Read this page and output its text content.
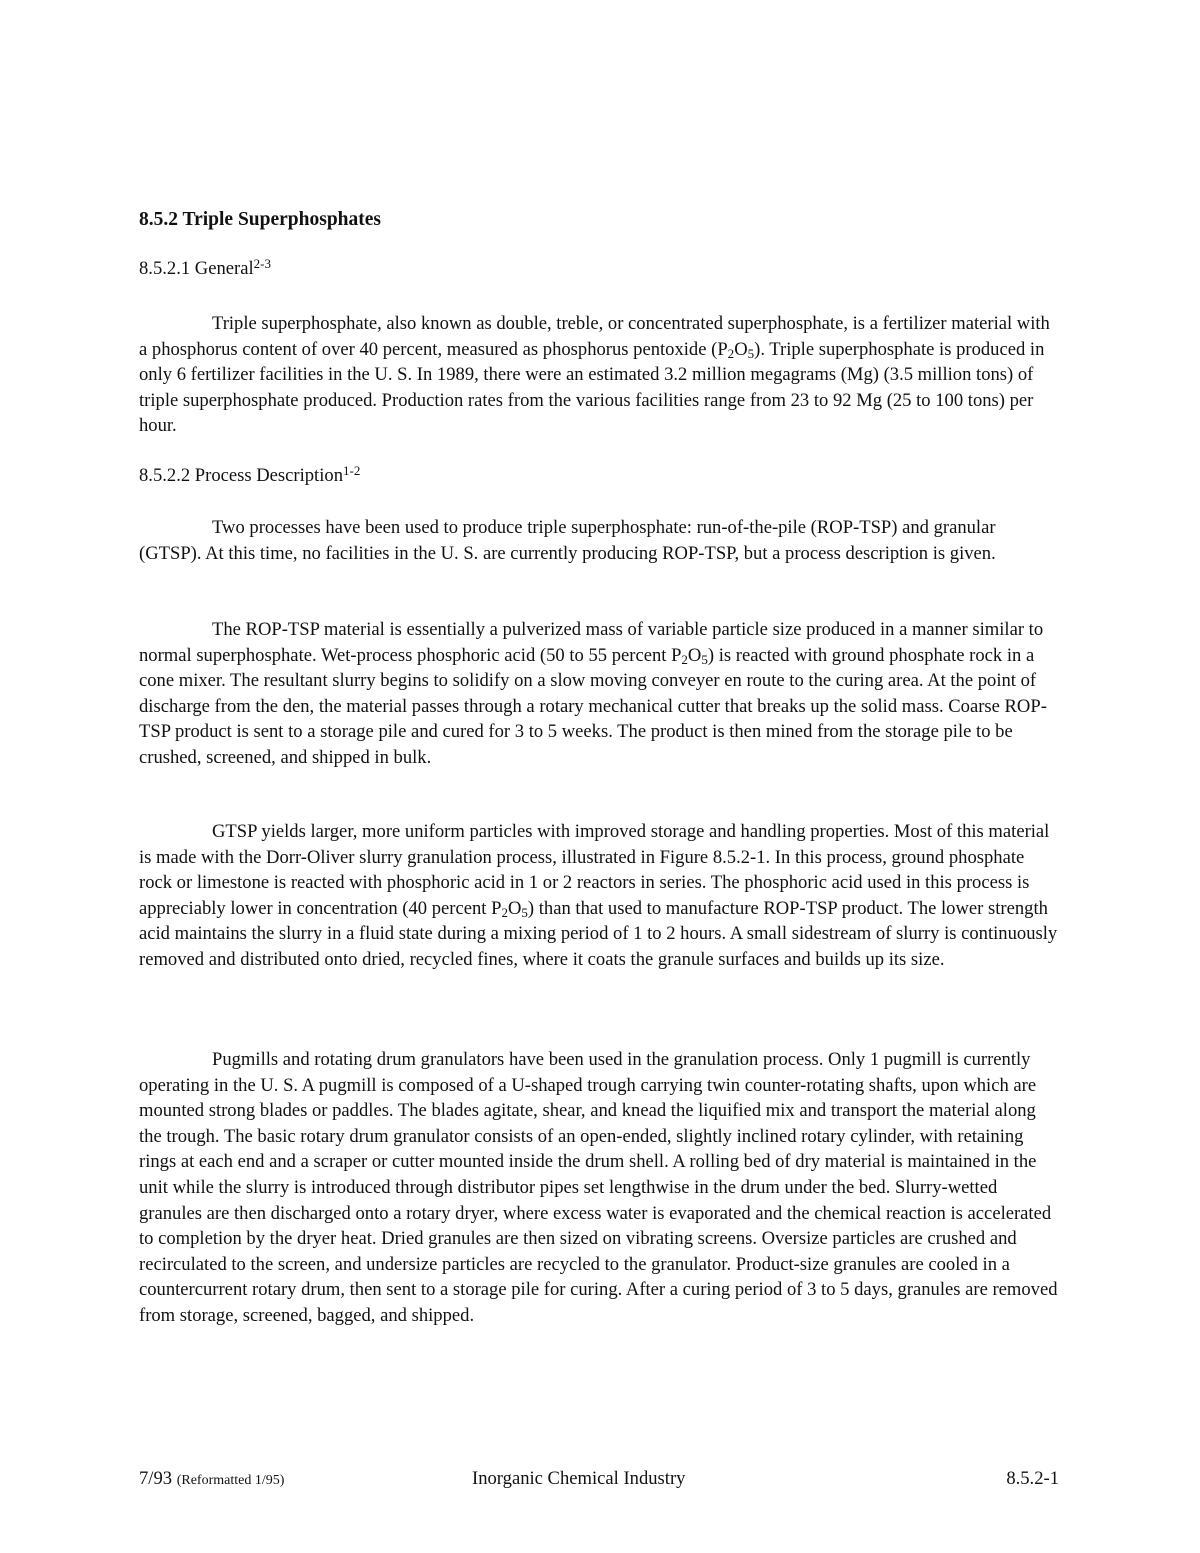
8.5.2 Triple Superphosphates
8.5.2.1 General$^{2-3}$

Triple superphosphate, also known as double, treble, or concentrated superphosphate, is a fertilizer material with a phosphorus content of over 40 percent, measured as phosphorus pentoxide $(P_2O_5)$. Triple superphosphate is produced in only 6 fertilizer facilities in the U. S. In 1989, there were an estimated 3.2 million megagrams (Mg) (3.5 million tons) of triple superphosphate produced. Production rates from the various facilities range from 23 to 92 Mg (25 to 100 tons) per hour.

8.5.2.2 Process Description$^{1-2}$

Two processes have been used to produce triple superphosphate: run-of-the-pile (ROP-TSP) and granular (GTSP). At this time, no facilities in the U. S. are currently producing ROP-TSP, but a process description is given.

The ROP-TSP material is essentially a pulverized mass of variable particle size produced in a manner similar to normal superphosphate. Wet-process phosphoric acid (50 to 55 percent $P_2O_5$) is reacted with ground phosphate rock in a cone mixer. The resultant slurry begins to solidify on a slow moving conveyer en route to the curing area. At the point of discharge from the den, the material passes through a rotary mechanical cutter that breaks up the solid mass. Coarse ROP-TSP product is sent to a storage pile and cured for 3 to 5 weeks. The product is then mined from the storage pile to be crushed, screened, and shipped in bulk.

GTSP yields larger, more uniform particles with improved storage and handling properties. Most of this material is made with the Dorr-Oliver slurry granulation process, illustrated in Figure 8.5.2-1. In this process, ground phosphate rock or limestone is reacted with phosphoric acid in 1 or 2 reactors in series. The phosphoric acid used in this process is appreciably lower in concentration (40 percent $P_2O_5$) than that used to manufacture ROP-TSP product. The lower strength acid maintains the slurry in a fluid state during a mixing period of 1 to 2 hours. A small sidestream of slurry is continuously removed and distributed onto dried, recycled fines, where it coats the granule surfaces and builds up its size.

Pugmills and rotating drum granulators have been used in the granulation process. Only 1 pugmill is currently operating in the U. S. A pugmill is composed of a U-shaped trough carrying twin counter-rotating shafts, upon which are mounted strong blades or paddles. The blades agitate, shear, and knead the liquified mix and transport the material along the trough. The basic rotary drum granulator consists of an open-ended, slightly inclined rotary cylinder, with retaining rings at each end and a scraper or cutter mounted inside the drum shell. A rolling bed of dry material is maintained in the unit while the slurry is introduced through distributor pipes set lengthwise in the drum under the bed. Slurry-wetted granules are then discharged onto a rotary dryer, where excess water is evaporated and the chemical reaction is accelerated to completion by the dryer heat. Dried granules are then sized on vibrating screens. Oversize particles are crushed and recirculated to the screen, and undersize particles are recycled to the granulator. Product-size granules are cooled in a countercurrent rotary drum, then sent to a storage pile for curing. After a curing period of 3 to 5 days, granules are removed from storage, screened, bagged, and shipped.

7/93 (Reformatted 1/95)	Inorganic Chemical Industry	8.5.2-1
